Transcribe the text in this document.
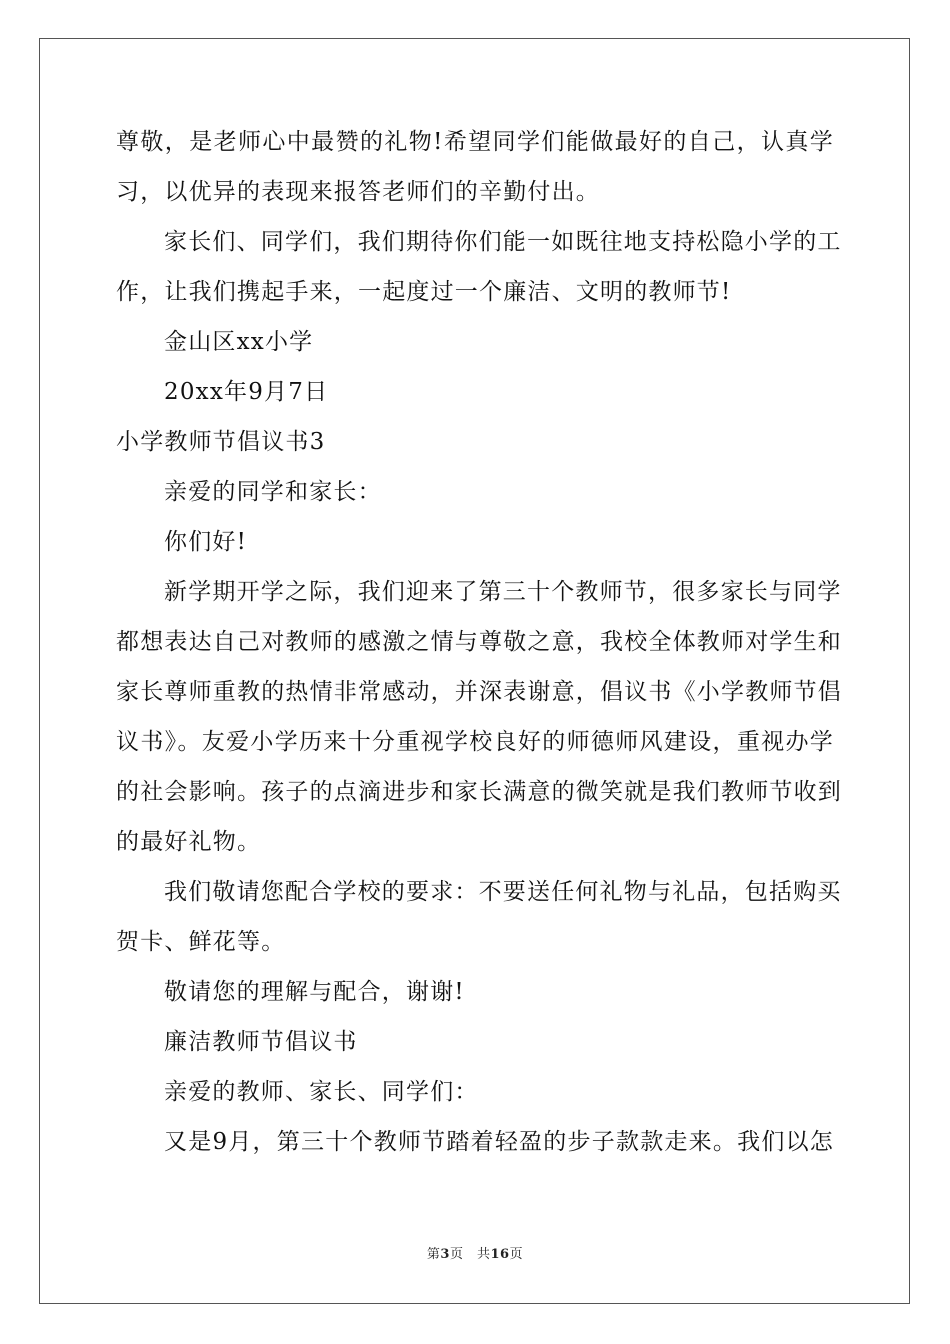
尊敬，是老师心中最赞的礼物!希望同学们能做最好的自己，认真学
习，以优异的表现来报答老师们的辛勤付出。
家长们、同学们，我们期待你们能一如既往地支持松隐小学的工
作，让我们携起手来，一起度过一个廉洁、文明的教师节!
金山区xx小学
20xx年9月7日
小学教师节倡议书3
亲爱的同学和家长：
你们好!
新学期开学之际，我们迎来了第三十个教师节，很多家长与同学
都想表达自己对教师的感激之情与尊敬之意，我校全体教师对学生和
家长尊师重教的热情非常感动，并深表谢意，倡议书《小学教师节倡
议书》。友爱小学历来十分重视学校良好的师德师风建设，重视办学
的社会影响。孩子的点滴进步和家长满意的微笑就是我们教师节收到
的最好礼物。
我们敬请您配合学校的要求：不要送任何礼物与礼品，包括购买
贺卡、鲜花等。
敬请您的理解与配合，谢谢!
廉洁教师节倡议书
亲爱的教师、家长、同学们：
又是9月，第三十个教师节踏着轻盈的步子款款走来。我们以怎
第3页　共16页
